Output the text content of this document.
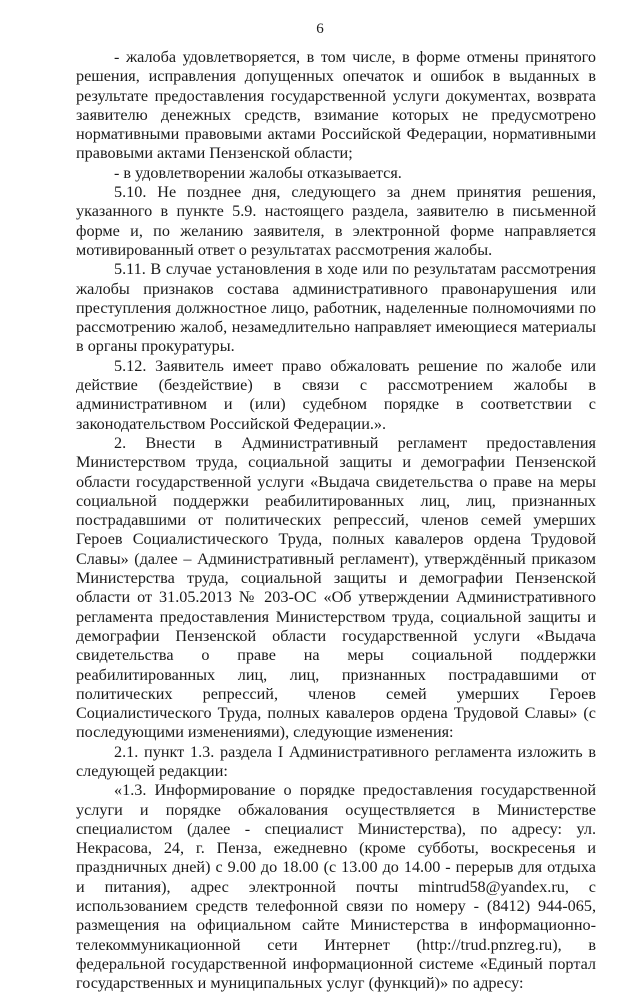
6

- жалоба удовлетворяется, в том числе, в форме отмены принятого решения, исправления допущенных опечаток и ошибок в выданных в результате предоставления государственной услуги документах, возврата заявителю денежных средств, взимание которых не предусмотрено нормативными правовыми актами Российской Федерации, нормативными правовыми актами Пензенской области;

- в удовлетворении жалобы отказывается.

5.10. Не позднее дня, следующего за днем принятия решения, указанного в пункте 5.9. настоящего раздела, заявителю в письменной форме и, по желанию заявителя, в электронной форме направляется мотивированный ответ о результатах рассмотрения жалобы.

5.11. В случае установления в ходе или по результатам рассмотрения жалобы признаков состава административного правонарушения или преступления должностное лицо, работник, наделенные полномочиями по рассмотрению жалоб, незамедлительно направляет имеющиеся материалы в органы прокуратуры.

5.12. Заявитель имеет право обжаловать решение по жалобе или действие (бездействие) в связи с рассмотрением жалобы в административном и (или) судебном порядке в соответствии с законодательством Российской Федерации.».

2. Внести в Административный регламент предоставления Министерством труда, социальной защиты и демографии Пензенской области государственной услуги «Выдача свидетельства о праве на меры социальной поддержки реабилитированных лиц, лиц, признанных пострадавшими от политических репрессий, членов семей умерших Героев Социалистического Труда, полных кавалеров ордена Трудовой Славы» (далее – Административный регламент), утверждённый приказом Министерства труда, социальной защиты и демографии Пензенской области от 31.05.2013 № 203-ОС «Об утверждении Административного регламента предоставления Министерством труда, социальной защиты и демографии Пензенской области государственной услуги «Выдача свидетельства о праве на меры социальной поддержки реабилитированных лиц, лиц, признанных пострадавшими от политических репрессий, членов семей умерших Героев Социалистического Труда, полных кавалеров ордена Трудовой Славы» (с последующими изменениями), следующие изменения:

2.1. пункт 1.3. раздела I Административного регламента изложить в следующей редакции:

«1.3. Информирование о порядке предоставления государственной услуги и порядке обжалования осуществляется в Министерстве специалистом (далее - специалист Министерства), по адресу: ул. Некрасова, 24, г. Пенза, ежедневно (кроме субботы, воскресенья и праздничных дней) с 9.00 до 18.00 (с 13.00 до 14.00 - перерыв для отдыха и питания), адрес электронной почты mintrud58@yandex.ru, с использованием средств телефонной связи по номеру - (8412) 944-065, размещения на официальном сайте Министерства в информационно-телекоммуникационной сети Интернет (http://trud.pnzreg.ru), в федеральной государственной информационной системе «Единый портал государственных и муниципальных услуг (функций)» по адресу:
